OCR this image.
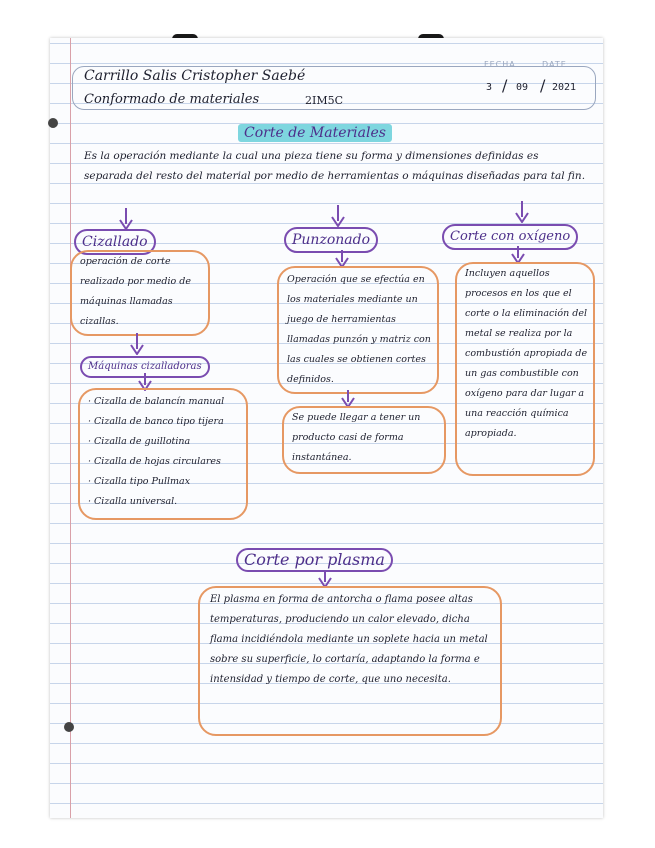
Carrillo Salis Cristopher Saebé
Conformado de materiales	2IM5C
FECHA	DATE
3 / 09 / 2021
Corte de Materiales
Es la operación mediante la cual una pieza tiene su forma y dimensiones definidas es separada del resto del material por medio de herramientas o máquinas diseñadas para tal fin.
Cizallado
operación de corte realizado por medio de máquinas llamadas cizallas.
Máquinas cizalladoras
· Cizalla de balancín manual
· Cizalla de banco tipo tijera
· Cizalla de guillotina
· Cizalla de hojas circulares
· Cizalla tipo Pullmax
· Cizalla universal.
Punzonado
Operación que se efectúa en los materiales mediante un juego de herramientas llamadas punzón y matriz con las cuales se obtienen cortes definidos.
Se puede llegar a tener un producto casi de forma instantánea.
Corte con oxígeno
Incluyen aquellos procesos en los que el corte o la eliminación del metal se realiza por la combustión apropiada de un gas combustible con oxígeno para dar lugar a una reacción química apropiada.
Corte por plasma
El plasma en forma de antorcha o flama posee altas temperaturas, produciendo un calor elevado, dicha flama incidiéndola mediante un soplete hacia un metal sobre su superficie, lo cortaría, adaptando la forma e intensidad y tiempo de corte, que uno necesita.
